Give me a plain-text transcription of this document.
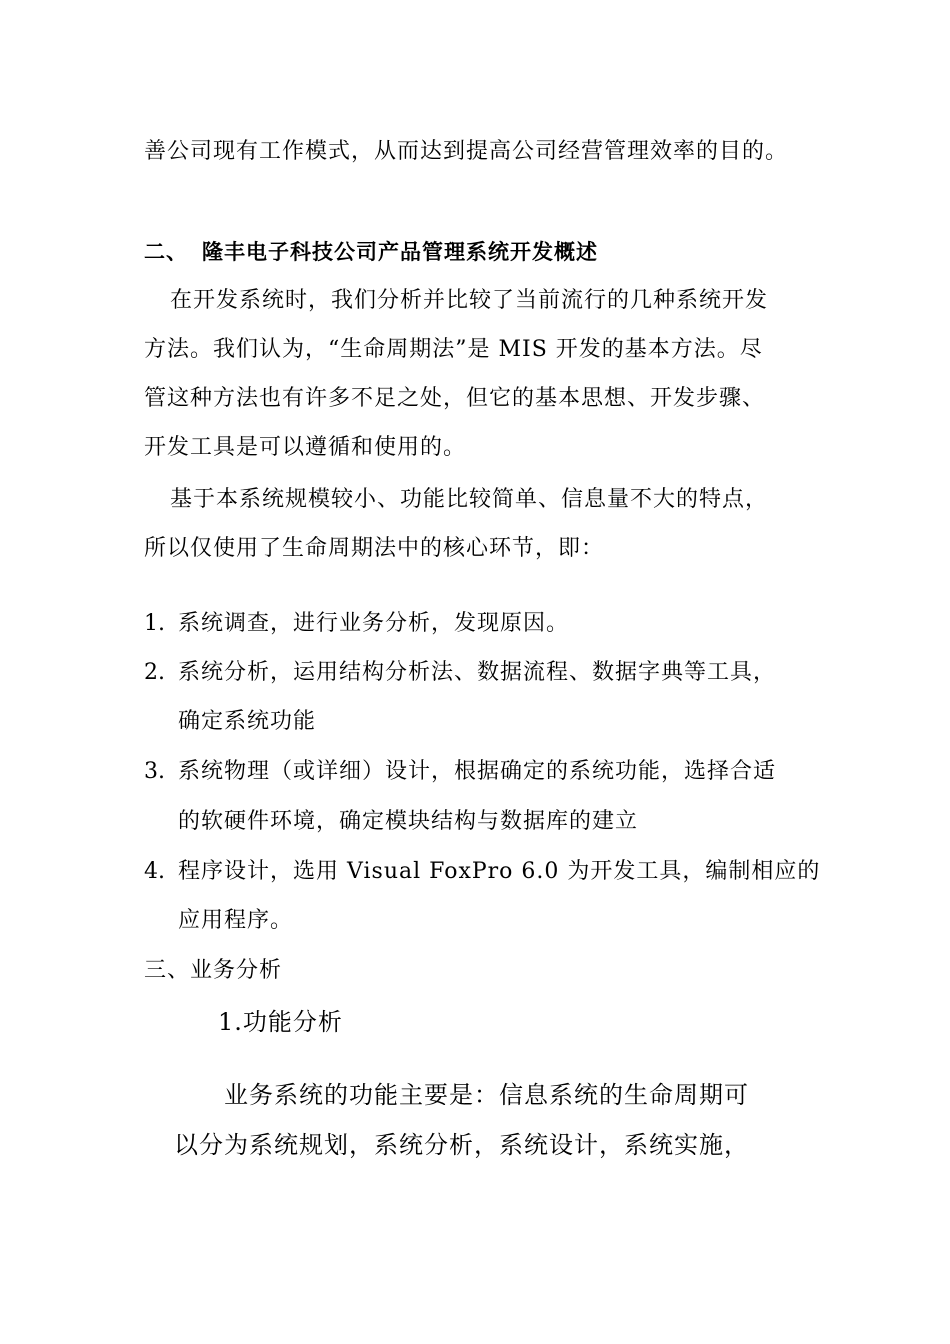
善公司现有工作模式，从而达到提高公司经营管理效率的目的。
二、 隆丰电子科技公司产品管理系统开发概述
在开发系统时，我们分析并比较了当前流行的几种系统开发
方法。我们认为，“生命周期法”是 MIS 开发的基本方法。尽
管这种方法也有许多不足之处，但它的基本思想、开发步骤、
开发工具是可以遵循和使用的。
基于本系统规模较小、功能比较简单、信息量不大的特点，
所以仅使用了生命周期法中的核心环节，即：
1. 系统调查，进行业务分析，发现原因。
2. 系统分析，运用结构分析法、数据流程、数据字典等工具，
确定系统功能
3. 系统物理（或详细）设计，根据确定的系统功能，选择合适
的软硬件环境，确定模块结构与数据库的建立
4. 程序设计，选用 Visual FoxPro 6.0 为开发工具，编制相应的
应用程序。
三、业务分析
1.功能分析
业务系统的功能主要是：信息系统的生命周期可
以分为系统规划，系统分析，系统设计，系统实施，
